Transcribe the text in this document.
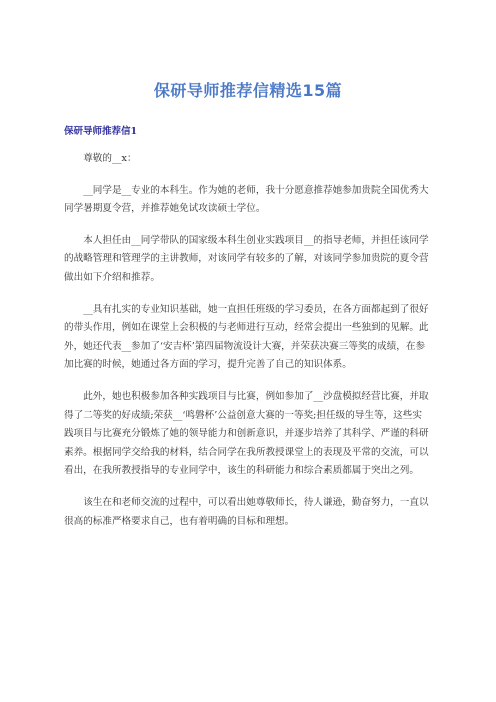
保研导师推荐信精选15篇
保研导师推荐信1

尊敬的__x：

__同学是__专业的本科生。作为她的老师，我十分愿意推荐她参加贵院全国优秀大同学暑期夏令营，并推荐她免试攻读硕士学位。

本人担任由__同学带队的国家级本科生创业实践项目__的指导老师，并担任该同学的战略管理和管理学的主讲教师，对该同学有较多的了解，对该同学参加贵院的夏令营做出如下介绍和推荐。

__具有扎实的专业知识基础，她一直担任班级的学习委员，在各方面都起到了很好的带头作用，例如在课堂上会积极的与老师进行互动，经常会提出一些独到的见解。此外，她还代表__参加了‘安吉杯’第四届物流设计大赛，并荣获决赛三等奖的成绩，在参加比赛的时候，她通过各方面的学习，提升完善了自己的知识体系。

此外，她也积极参加各种实践项目与比赛，例如参加了__沙盘模拟经营比赛，并取得了二等奖的好成绩;荣获__‘鸣磐杯’公益创意大赛的一等奖;担任级的导生等，这些实践项目与比赛充分锻炼了她的领导能力和创新意识，并逐步培养了其科学、严谨的科研素养。根据同学交给我的材料，结合同学在我所教授课堂上的表现及平常的交流，可以看出，在我所教授指导的专业同学中，该生的科研能力和综合素质都属于突出之列。

该生在和老师交流的过程中，可以看出她尊敬师长，待人谦逊，勤奋努力，一直以很高的标准严格要求自己，也有着明确的目标和理想。
